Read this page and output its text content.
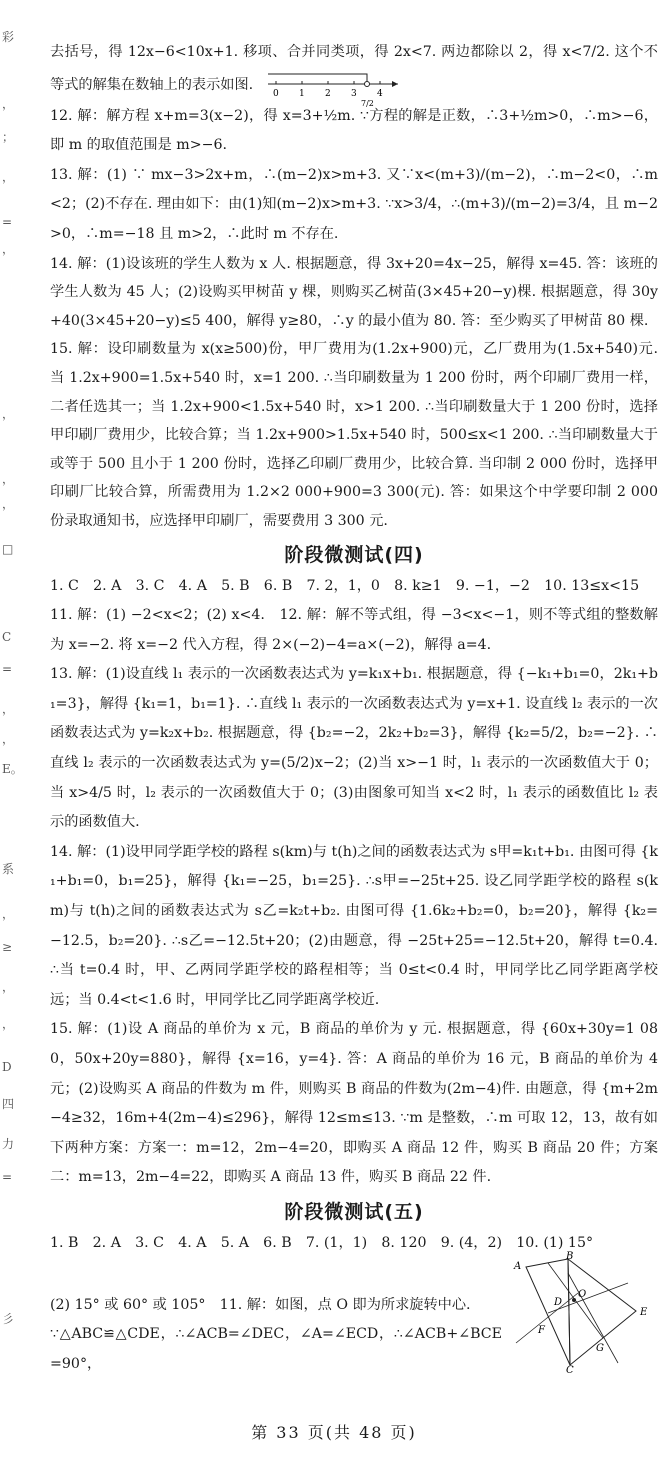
彩
，
；
，
=
，
，
，
，
□
C
=
，
，
E。
系
，
≥
，
，
D
四
力
=
彡

去括号，得 12x−6<10x+1. 移项、合并同类项，得 2x<7. 两边都除以 2，得 x<7/2. 这个不等式的解集在数轴上的表示如图.
0 1 2 3 4
7/2

12. 解：解方程 x+m=3(x−2)，得 x=3+½m. ∵方程的解是正数，∴3+½m>0，∴m>−6，即 m 的取值范围是 m>−6.

13. 解：(1) ∵ mx−3>2x+m，∴(m−2)x>m+3. 又∵x<(m+3)/(m−2)，∴m−2<0，∴m<2；(2)不存在. 理由如下：由(1)知(m−2)x>m+3. ∵x>3/4，∴(m+3)/(m−2)=3/4，且 m−2>0，∴m=−18 且 m>2，∴此时 m 不存在.

14. 解：(1)设该班的学生人数为 x 人. 根据题意，得 3x+20=4x−25，解得 x=45. 答：该班的学生人数为 45 人；(2)设购买甲树苗 y 棵，则购买乙树苗(3×45+20−y)棵. 根据题意，得 30y+40(3×45+20−y)≤5 400，解得 y≥80，∴y 的最小值为 80. 答：至少购买了甲树苗 80 棵.

15. 解：设印刷数量为 x(x≥500)份，甲厂费用为(1.2x+900)元，乙厂费用为(1.5x+540)元. 当 1.2x+900=1.5x+540 时，x=1 200. ∴当印刷数量为 1 200 份时，两个印刷厂费用一样，二者任选其一；当 1.2x+900<1.5x+540 时，x>1 200. ∴当印刷数量大于 1 200 份时，选择甲印刷厂费用少，比较合算；当 1.2x+900>1.5x+540 时，500≤x<1 200. ∴当印刷数量大于或等于 500 且小于 1 200 份时，选择乙印刷厂费用少，比较合算. 当印制 2 000 份时，选择甲印刷厂比较合算，所需费用为 1.2×2 000+900=3 300(元). 答：如果这个中学要印制 2 000 份录取通知书，应选择甲印刷厂，需要费用 3 300 元.

阶段微测试(四)

1. C　2. A　3. C　4. A　5. B　6. B　7. 2，1，0　8. k≥1　9. −1，−2　10. 13≤x<15

11. 解：(1) −2<x<2；(2) x<4.　12. 解：解不等式组，得 −3<x<−1，则不等式组的整数解为 x=−2. 将 x=−2 代入方程，得 2×(−2)−4=a×(−2)，解得 a=4.

13. 解：(1)设直线 l₁ 表示的一次函数表达式为 y=k₁x+b₁. 根据题意，得 {−k₁+b₁=0，2k₁+b₁=3}，解得 {k₁=1，b₁=1}. ∴直线 l₁ 表示的一次函数表达式为 y=x+1. 设直线 l₂ 表示的一次函数表达式为 y=k₂x+b₂. 根据题意，得 {b₂=−2，2k₂+b₂=3}，解得 {k₂=5/2，b₂=−2}. ∴直线 l₂ 表示的一次函数表达式为 y=(5/2)x−2；(2)当 x>−1 时，l₁ 表示的一次函数值大于 0；当 x>4/5 时，l₂ 表示的一次函数值大于 0；(3)由图象可知当 x<2 时，l₁ 表示的函数值比 l₂ 表示的函数值大.

14. 解：(1)设甲同学距学校的路程 s(km)与 t(h)之间的函数表达式为 s甲=k₁t+b₁. 由图可得 {k₁+b₁=0，b₁=25}，解得 {k₁=−25，b₁=25}. ∴s甲=−25t+25. 设乙同学距学校的路程 s(km)与 t(h)之间的函数表达式为 s乙=k₂t+b₂. 由图可得 {1.6k₂+b₂=0，b₂=20}，解得 {k₂=−12.5，b₂=20}. ∴s乙=−12.5t+20；(2)由题意，得 −25t+25=−12.5t+20，解得 t=0.4. ∴当 t=0.4 时，甲、乙两同学距学校的路程相等；当 0≤t<0.4 时，甲同学比乙同学距离学校远；当 0.4<t<1.6 时，甲同学比乙同学距离学校近.

15. 解：(1)设 A 商品的单价为 x 元，B 商品的单价为 y 元. 根据题意，得 {60x+30y=1 080，50x+20y=880}，解得 {x=16，y=4}. 答：A 商品的单价为 16 元，B 商品的单价为 4 元；(2)设购买 A 商品的件数为 m 件，则购买 B 商品的件数为(2m−4)件. 由题意，得 {m+2m−4≥32，16m+4(2m−4)≤296}，解得 12≤m≤13. ∵m 是整数，∴m 可取 12，13，故有如下两种方案：方案一：m=12，2m−4=20，即购买 A 商品 12 件，购买 B 商品 20 件；方案二：m=13，2m−4=22，即购买 A 商品 13 件，购买 B 商品 22 件.

阶段微测试(五)

1. B　2. A　3. C　4. A　5. A　6. B　7. (1，1)　8. 120　9. (4，2)　10. (1) 15°

A
B
C
D
E
F
G
O

(2) 15° 或 60° 或 105°　11. 解：如图，点 O 即为所求旋转中心.

∵△ABC≌△CDE，∴∠ACB=∠DEC，∠A=∠ECD，∴∠ACB+∠BCE=90°，

第 33 页(共 48 页)
